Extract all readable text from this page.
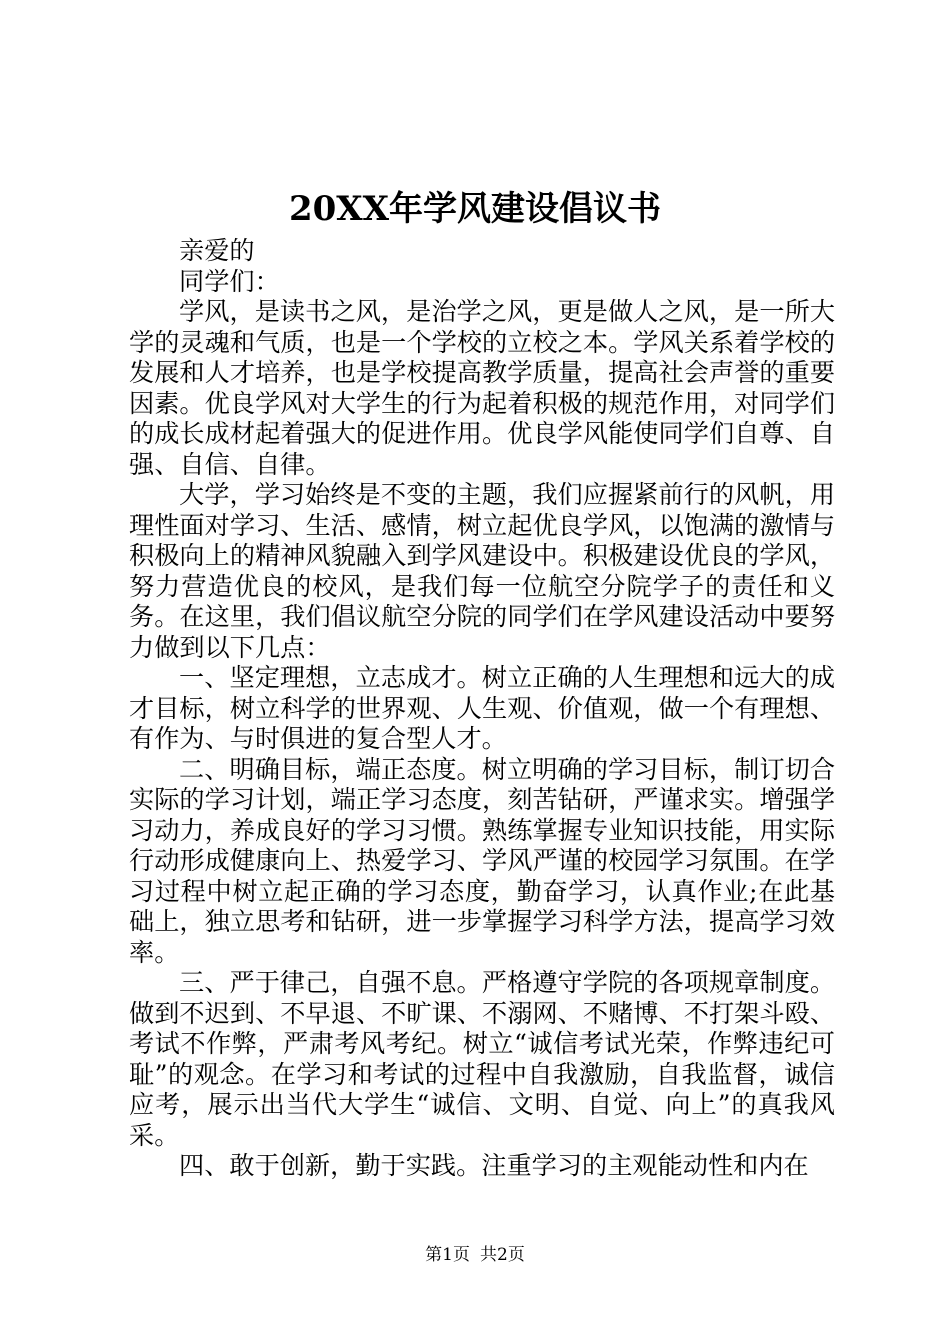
20XX年学风建设倡议书

亲爱的

同学们：

学风，是读书之风，是治学之风，更是做人之风，是一所大学的灵魂和气质，也是一个学校的立校之本。学风关系着学校的发展和人才培养，也是学校提高教学质量，提高社会声誉的重要因素。优良学风对大学生的行为起着积极的规范作用，对同学们的成长成材起着强大的促进作用。优良学风能使同学们自尊、自强、自信、自律。

大学，学习始终是不变的主题，我们应握紧前行的风帆，用理性面对学习、生活、感情，树立起优良学风，以饱满的激情与积极向上的精神风貌融入到学风建设中。积极建设优良的学风，努力营造优良的校风，是我们每一位航空分院学子的责任和义务。在这里，我们倡议航空分院的同学们在学风建设活动中要努力做到以下几点：

一、坚定理想，立志成才。树立正确的人生理想和远大的成才目标，树立科学的世界观、人生观、价值观，做一个有理想、有作为、与时俱进的复合型人才。

二、明确目标，端正态度。树立明确的学习目标，制订切合实际的学习计划，端正学习态度，刻苦钻研，严谨求实。增强学习动力，养成良好的学习习惯。熟练掌握专业知识技能，用实际行动形成健康向上、热爱学习、学风严谨的校园学习氛围。在学习过程中树立起正确的学习态度，勤奋学习，认真作业;在此基础上，独立思考和钻研，进一步掌握学习科学方法，提高学习效率。

三、严于律己，自强不息。严格遵守学院的各项规章制度。做到不迟到、不早退、不旷课、不溺网、不赌博、不打架斗殴、考试不作弊，严肃考风考纪。树立“诚信考试光荣，作弊违纪可耻”的观念。在学习和考试的过程中自我激励，自我监督，诚信应考，展示出当代大学生“诚信、文明、自觉、向上”的真我风采。

四、敢于创新，勤于实践。注重学习的主观能动性和内在

第1页 共2页
